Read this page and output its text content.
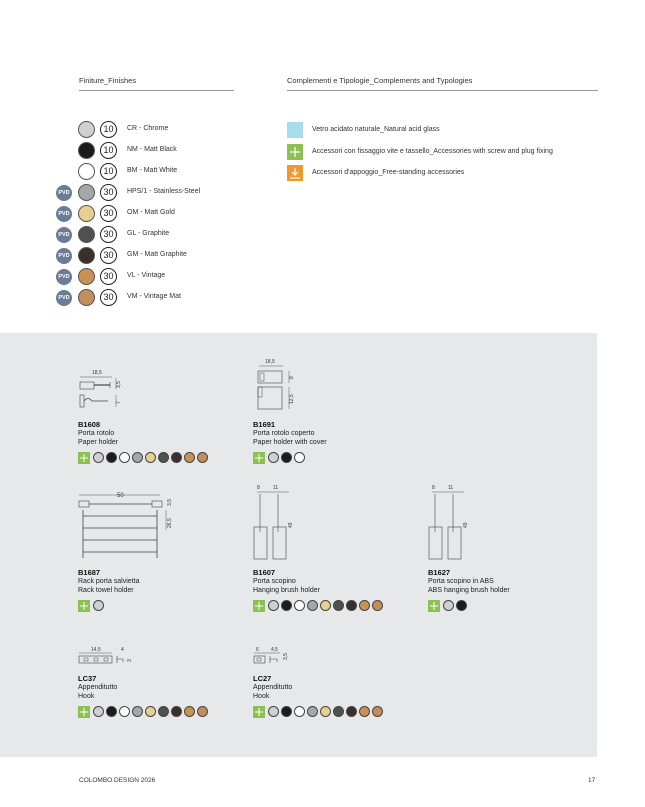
Finiture_Finishes	Complementi e Tipologie_Complements and Typologies
10	CR - Chrome
10	NM - Matt Black
10	BM - Matt White
PVD	30	HPS/1 - Stainless-Steel
PVD	30	OM - Matt Gold
PVD	30	GL - Graphite
PVD	30	GM - Matt Graphite
PVD	30	VL - Vintage
PVD	30	VM - Vintage Mat
Vetro acidato naturale_Natural acid glass
Accessori con fissaggio vite e tassello_Accessories with screw and plug fixing
Accessori d'appoggio_Free-standing accessories
18,5
3,5
7
B1608
Porta rotolo
Paper holder
18,5
8
12,5
B1691
Porta rotolo coperto
Paper holder with cover
50
26,5
3,5
B1687
Rack porta salvietta
Rack towel holder
8	11
49
B1607
Porta scopino
Hanging brush holder
8	11
49
B1627
Porta scopino in ABS
ABS hanging brush holder
14,5	4
3
LC37
Appenditutto
Hook
6 4,5
3,5
LC27
Appenditutto
Hook
COLOMBO DESIGN 2026	17
